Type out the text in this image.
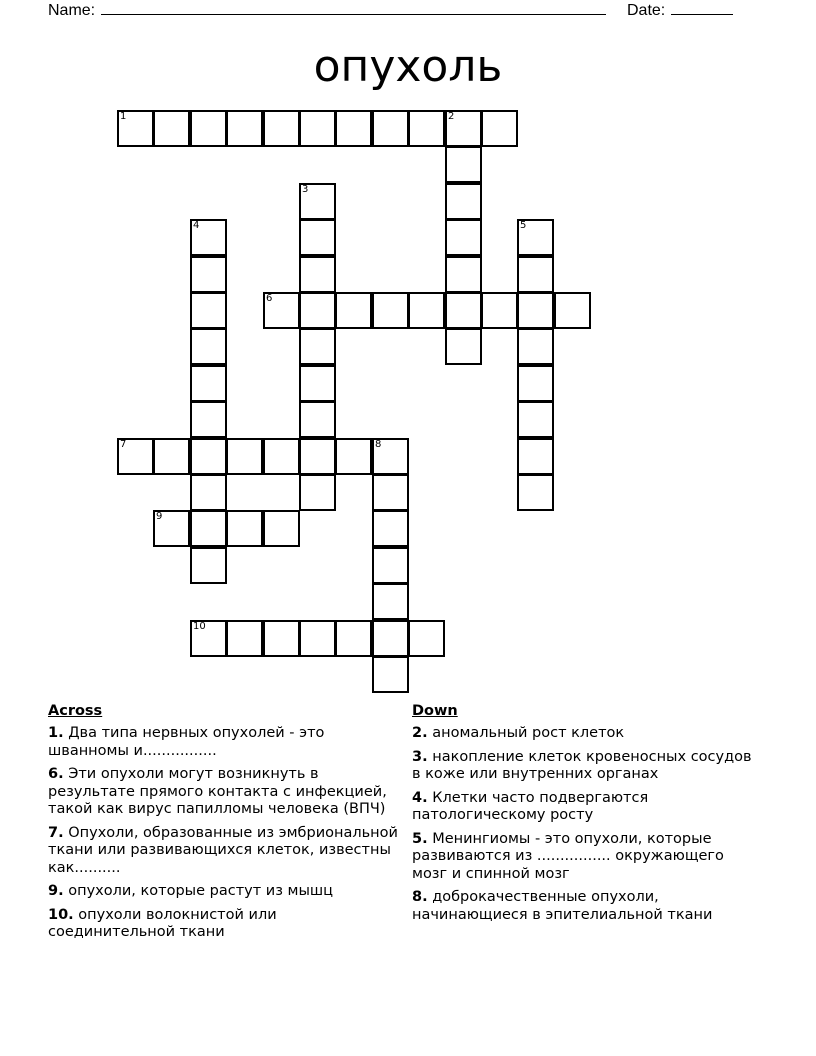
Name:	Date:
опухоль
1	2
3
4	5
6
7	8
9
10
Across
1. Два типа нервных опухолей - это шванномы и................
6. Эти опухоли могут возникнуть в результате прямого контакта с инфекцией, такой как вирус папилломы человека (ВПЧ)
7. Опухоли, образованные из эмбриональной ткани или развивающихся клеток, известны как..........
9. опухоли, которые растут из мышц
10. опухоли волокнистой или соединительной ткани
Down
2. аномальный рост клеток
3. накопление клеток кровеносных сосудов в коже или внутренних органах
4. Клетки часто подвергаются патологическому росту
5. Менингиомы - это опухоли, которые развиваются из ................ окружающего мозг и спинной мозг
8. доброкачественные опухоли, начинающиеся в эпителиальной ткани
